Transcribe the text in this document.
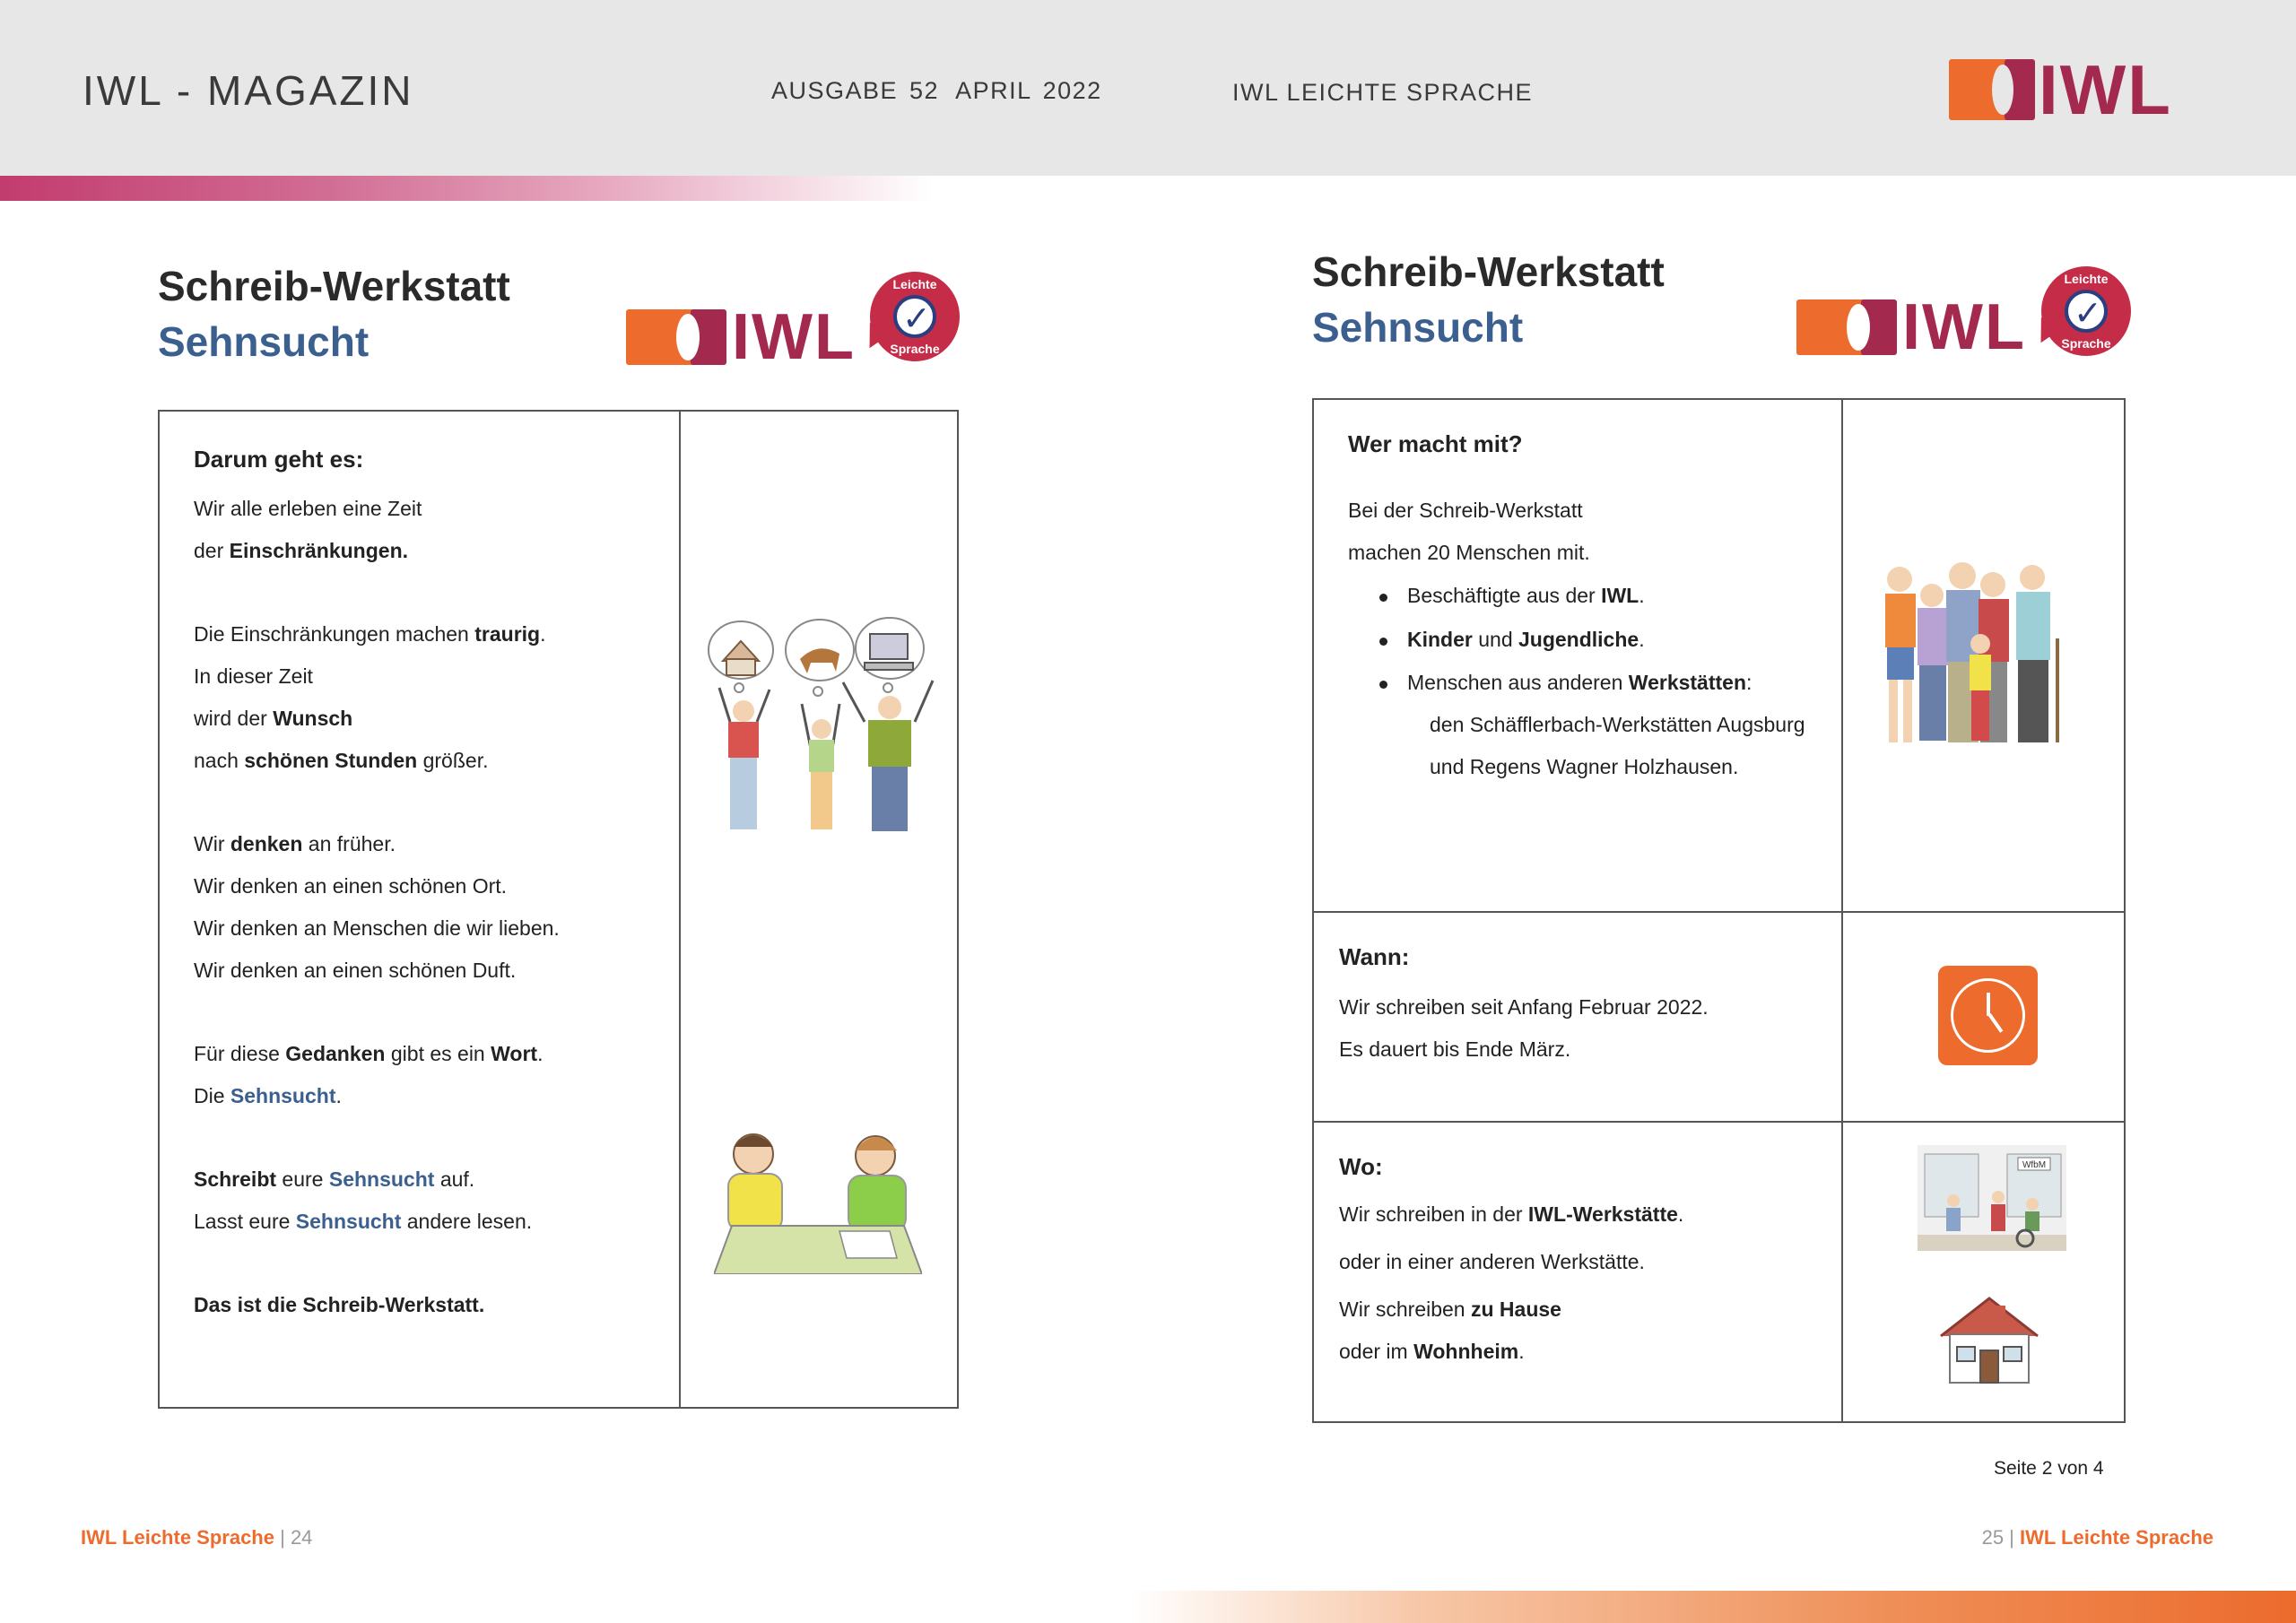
IWL - MAGAZIN	AUSGABE 52 APRIL 2022	IWL LEICHTE SPRACHE	IWL
Schreib-Werkstatt
Sehnsucht	IWL
Leichte
✓
Sprache
Darum geht es:
Wir alle erleben eine Zeit
der Einschränkungen.
Die Einschränkungen machen traurig.
In dieser Zeit
wird der Wunsch
nach schönen Stunden größer.
Wir denken an früher.
Wir denken an einen schönen Ort.
Wir denken an Menschen die wir lieben.
Wir denken an einen schönen Duft.
Für diese Gedanken gibt es ein Wort.
Die Sehnsucht.
Schreibt eure Sehnsucht auf.
Lasst eure Sehnsucht andere lesen.
Das ist die Schreib-Werkstatt.
Schreib-Werkstatt
Sehnsucht	IWL
Leichte
✓
Sprache
Wer macht mit?
Bei der Schreib-Werkstatt
machen 20 Menschen mit.
Beschäftigte aus der IWL.
Kinder und Jugendliche.
Menschen aus anderen Werkstätten:
den Schäfflerbach-Werkstätten Augsburg
und Regens Wagner Holzhausen.
Wann:
Wir schreiben seit Anfang Februar 2022.
Es dauert bis Ende März.
Wo:
Wir schreiben in der IWL-Werkstätte.
oder in einer anderen Werkstätte.
Wir schreiben zu Hause
oder im Wohnheim.
WfbM
Seite 2 von 4
IWL Leichte Sprache | 24	25 | IWL Leichte Sprache
